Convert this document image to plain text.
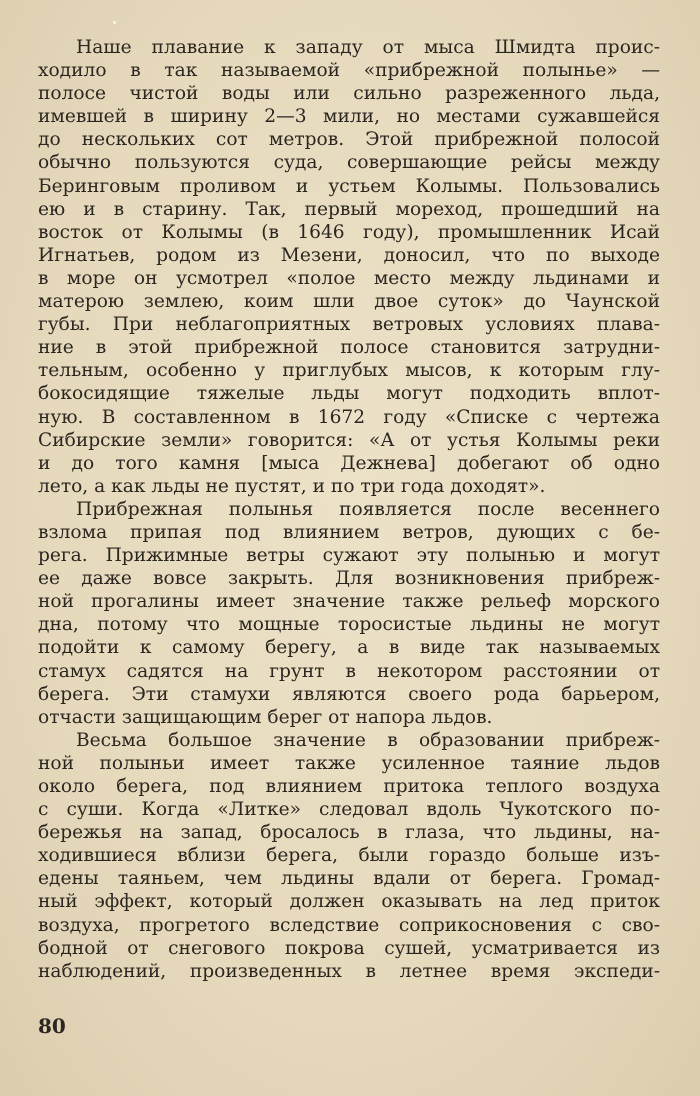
Наше плавание к западу от мыса Шмидта проис-
ходило в так называемой «прибрежной полынье» —
полосе чистой воды или сильно разреженного льда,
имевшей в ширину 2—3 мили, но местами сужавшейся
до нескольких сот метров. Этой прибрежной полосой
обычно пользуются суда, совершающие рейсы между
Беринговым проливом и устьем Колымы. Пользовались
ею и в старину. Так, первый мореход, прошедший на
восток от Колымы (в 1646 году), промышленник Исай
Игнатьев, родом из Мезени, доносил, что по выходе
в море он усмотрел «полое место между льдинами и
матерою землею, коим шли двое суток» до Чаунской
губы. При неблагоприятных ветровых условиях плава-
ние в этой прибрежной полосе становится затрудни-
тельным, особенно у приглубых мысов, к которым глу-
бокосидящие тяжелые льды могут подходить вплот-
ную. В составленном в 1672 году «Списке с чертежа
Сибирские земли» говорится: «А от устья Колымы реки
и до того камня [мыса Дежнева] добегают об одно
лето, а как льды не пустят, и по три года доходят».
Прибрежная полынья появляется после весеннего
взлома припая под влиянием ветров, дующих с бе-
рега. Прижимные ветры сужают эту полынью и могут
ее даже вовсе закрыть. Для возникновения прибреж-
ной прогалины имеет значение также рельеф морского
дна, потому что мощные торосистые льдины не могут
подойти к самому берегу, а в виде так называемых
стамух садятся на грунт в некотором расстоянии от
берега. Эти стамухи являются своего рода барьером,
отчасти защищающим берег от напора льдов.
Весьма большое значение в образовании прибреж-
ной полыньи имеет также усиленное таяние льдов
около берега, под влиянием притока теплого воздуха
с суши. Когда «Литке» следовал вдоль Чукотского по-
бережья на запад, бросалось в глаза, что льдины, на-
ходившиеся вблизи берега, были гораздо больше изъ-
едены таяньем, чем льдины вдали от берега. Громад-
ный эффект, который должен оказывать на лед приток
воздуха, прогретого вследствие соприкосновения с сво-
бодной от снегового покрова сушей, усматривается из
наблюдений, произведенных в летнее время экспеди-
80
